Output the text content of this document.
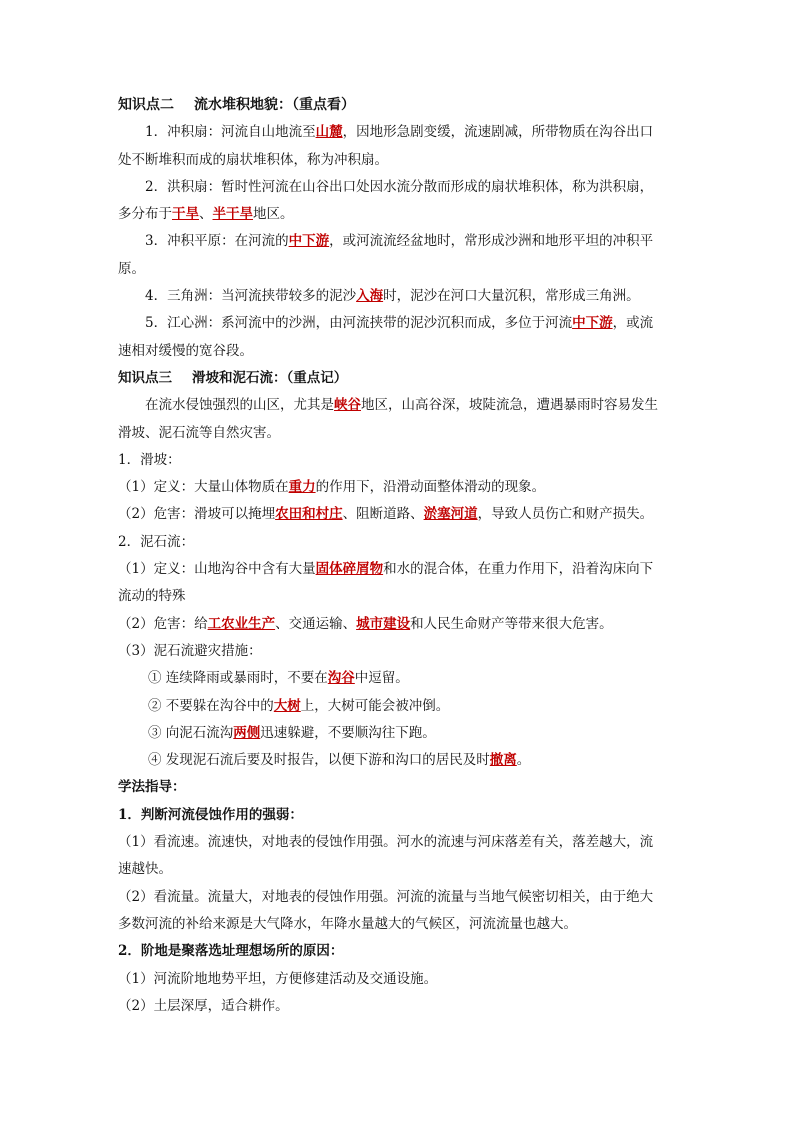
知识点二 流水堆积地貌：（重点看）
1．冲积扇：河流自山地流至山麓，因地形急剧变缓，流速剧减，所带物质在沟谷出口
处不断堆积而成的扇状堆积体，称为冲积扇。
2．洪积扇：暂时性河流在山谷出口处因水流分散而形成的扇状堆积体，称为洪积扇，
多分布于干旱、半干旱地区。
3．冲积平原：在河流的中下游，或河流流经盆地时，常形成沙洲和地形平坦的冲积平
原。
4．三角洲：当河流挟带较多的泥沙入海时，泥沙在河口大量沉积，常形成三角洲。
5．江心洲：系河流中的沙洲，由河流挟带的泥沙沉积而成，多位于河流中下游，或流
速相对缓慢的宽谷段。
知识点三 滑坡和泥石流：（重点记）
在流水侵蚀强烈的山区，尤其是峡谷地区，山高谷深，坡陡流急，遭遇暴雨时容易发生
滑坡、泥石流等自然灾害。
1．滑坡：
（1）定义：大量山体物质在重力的作用下，沿滑动面整体滑动的现象。
（2）危害：滑坡可以掩埋农田和村庄、阻断道路、淤塞河道，导致人员伤亡和财产损失。
2．泥石流：
（1）定义：山地沟谷中含有大量固体碎屑物和水的混合体，在重力作用下，沿着沟床向下
流动的特殊
（2）危害：给工农业生产、交通运输、城市建设和人民生命财产等带来很大危害。
（3）泥石流避灾措施：
① 连续降雨或暴雨时，不要在沟谷中逗留。
② 不要躲在沟谷中的大树上，大树可能会被冲倒。
③ 向泥石流沟两侧迅速躲避，不要顺沟往下跑。
④ 发现泥石流后要及时报告，以便下游和沟口的居民及时撤离。
学法指导：
1．判断河流侵蚀作用的强弱：
（1）看流速。流速快，对地表的侵蚀作用强。河水的流速与河床落差有关，落差越大，流
速越快。
（2）看流量。流量大，对地表的侵蚀作用强。河流的流量与当地气候密切相关，由于绝大
多数河流的补给来源是大气降水，年降水量越大的气候区，河流流量也越大。
2．阶地是聚落选址理想场所的原因：
（1）河流阶地地势平坦，方便修建活动及交通设施。
（2）土层深厚，适合耕作。
